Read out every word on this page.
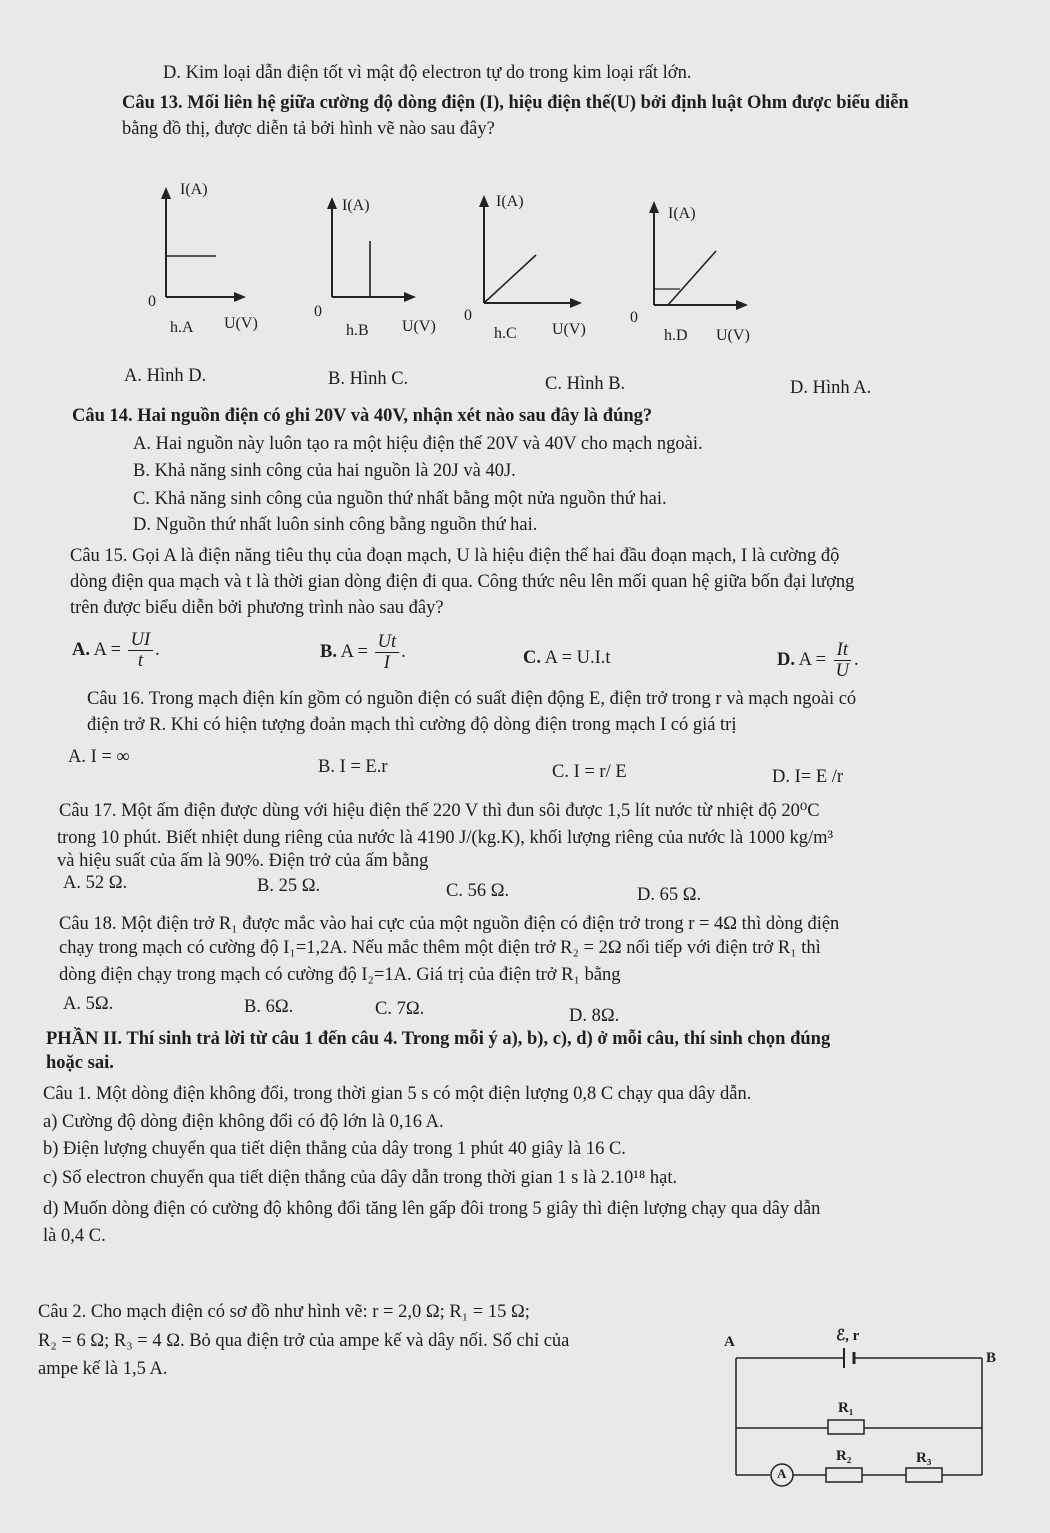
D. Kim loại dẫn điện tốt vì mật độ electron tự do trong kim loại rất lớn.
Câu 13. Mối liên hệ giữa cường độ dòng điện (I), hiệu điện thế(U) bởi định luật Ohm được biểu diễn
bằng đồ thị, được diễn tả bởi hình vẽ nào sau đây?
I(A)
0
h.A U(V)
I(A)
0
h.B U(V)
I(A)
0
h.C U(V)
I(A)
0
h.D U(V)
A. Hình D.	B. Hình C.	C. Hình B.	D. Hình A.
Câu 14. Hai nguồn điện có ghi 20V và 40V, nhận xét nào sau đây là đúng?
A. Hai nguồn này luôn tạo ra một hiệu điện thế 20V và 40V cho mạch ngoài.
B. Khả năng sinh công của hai nguồn là 20J và 40J.
C. Khả năng sinh công của nguồn thứ nhất bằng một nửa nguồn thứ hai.
D. Nguồn thứ nhất luôn sinh công bằng nguồn thứ hai.
Câu 15. Gọi A là điện năng tiêu thụ của đoạn mạch, U là hiệu điện thế hai đầu đoạn mạch, I là cường độ
dòng điện qua mạch và t là thời gian dòng điện đi qua. Công thức nêu lên mối quan hệ giữa bốn đại lượng
trên được biểu diễn bởi phương trình nào sau đây?
A. $A = \frac{UI}{t}$ .	B. $A = \frac{Ut}{I}$ .	C. A = U.I.t	D. $A = \frac{It}{U}$ .
Câu 16. Trong mạch điện kín gồm có nguồn điện có suất điện động E, điện trở trong r và mạch ngoài có
điện trở R. Khi có hiện tượng đoản mạch thì cường độ dòng điện trong mạch I có giá trị
A. I = ∞	B. I = E.r	C. I = r/ E	D. I= E /r
Câu 17. Một ấm điện được dùng với hiệu điện thế 220 V thì đun sôi được 1,5 lít nước từ nhiệt độ 20⁰C
trong 10 phút. Biết nhiệt dung riêng của nước là 4190 J/(kg.K), khối lượng riêng của nước là 1000 kg/m³
và hiệu suất của ấm là 90%. Điện trở của ấm bằng
A. 52 Ω.	B. 25 Ω.	C. 56 Ω.	D. 65 Ω.
Câu 18. Một điện trở R₁ được mắc vào hai cực của một nguồn điện có điện trở trong r = 4Ω thì dòng điện
chạy trong mạch có cường độ I₁=1,2A. Nếu mắc thêm một điện trở R₂ = 2Ω nối tiếp với điện trở R₁ thì
dòng điện chạy trong mạch có cường độ I₂=1A. Giá trị của điện trở R₁ bằng
A. 5Ω.	B. 6Ω.	C. 7Ω.	D. 8Ω.
PHẦN II. Thí sinh trả lời từ câu 1 đến câu 4. Trong mỗi ý a), b), c), d) ở mỗi câu, thí sinh chọn đúng
hoặc sai.
Câu 1. Một dòng điện không đổi, trong thời gian 5 s có một điện lượng 0,8 C chạy qua dây dẫn.
a) Cường độ dòng điện không đổi có độ lớn là 0,16 A.
b) Điện lượng chuyển qua tiết diện thẳng của dây trong 1 phút 40 giây là 16 C.
c) Số electron chuyển qua tiết diện thẳng của dây dẫn trong thời gian 1 s là 2.10¹⁸ hạt.
d) Muốn dòng điện có cường độ không đổi tăng lên gấp đôi trong 5 giây thì điện lượng chạy qua dây dẫn
là 0,4 C.
Câu 2. Cho mạch điện có sơ đồ như hình vẽ: r = 2,0 Ω; R₁ = 15 Ω;
R₂ = 6 Ω; R₃ = 4 Ω. Bỏ qua điện trở của ampe kế và dây nối. Số chỉ của
ampe kế là 1,5 A.
A
B
ℰ, r
R₁
R₂	R₃
A
